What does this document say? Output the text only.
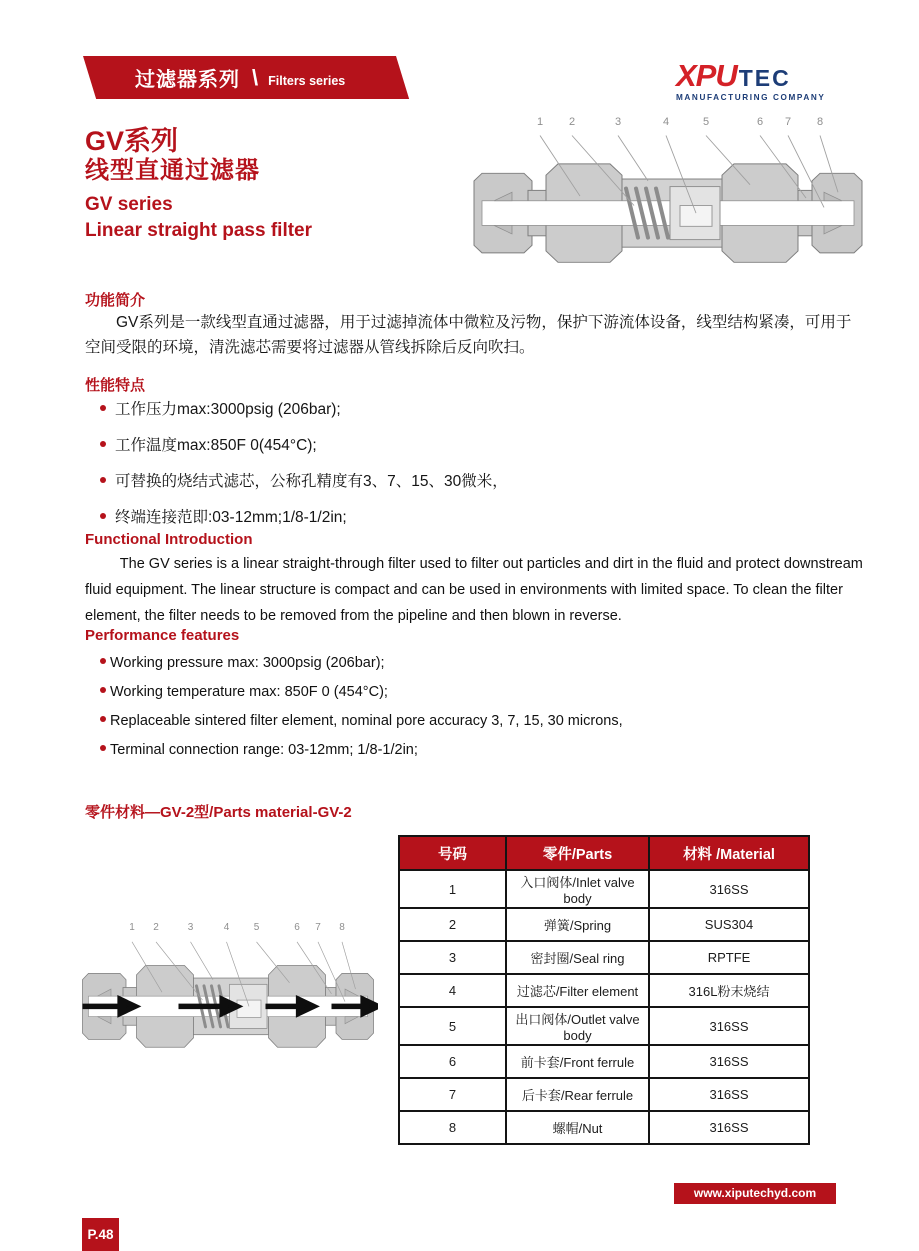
过滤器系列 \ Filters series	XPU TEC
MANUFACTURING COMPANY
GV系列
线型直通过滤器
GV series
Linear straight pass filter
1 2	3	4	5	6 7 8
功能简介
GV系列是一款线型直通过滤器，用于过滤掉流体中微粒及污物，保护下游流体设备，线型结构紧凑，可用于空间受限的环境，清洗滤芯需要将过滤器从管线拆除后反向吹扫。
性能特点
工作压力max:3000psig (206bar);
工作温度max:850F 0(454°C);
可替换的烧结式滤芯，公称孔精度有3、7、15、30微米，
终端连接范即:03-12mm;1/8-1/2in;
Functional Introduction
The GV series is a linear straight-through filter used to filter out particles and dirt in the fluid and protect downstream fluid equipment. The linear structure is compact and can be used in environments with limited space. To clean the filter element, the filter needs to be removed from the pipeline and then blown in reverse.
Performance features
Working pressure max: 3000psig (206bar);
Working temperature max: 850F 0 (454°C);
Replaceable sintered filter element, nominal pore accuracy 3, 7, 15, 30 microns,
Terminal connection range: 03-12mm; 1/8-1/2in;
零件材料—GV-2型/Parts material-GV-2
1 2	3	4 5	6 7 8
号码	零件/Parts	材料 /Material
1	入口阀体/Inlet valve body	316SS
2	弹簧/Spring	SUS304
3	密封圈/Seal ring	RPTFE
4	过滤芯/Filter element	316L粉末烧结
5	出口阀体/Outlet valve body	316SS
6	前卡套/Front ferrule	316SS
7	后卡套/Rear ferrule	316SS
8	螺帽/Nut	316SS
www.xiputechyd.com
P.48
